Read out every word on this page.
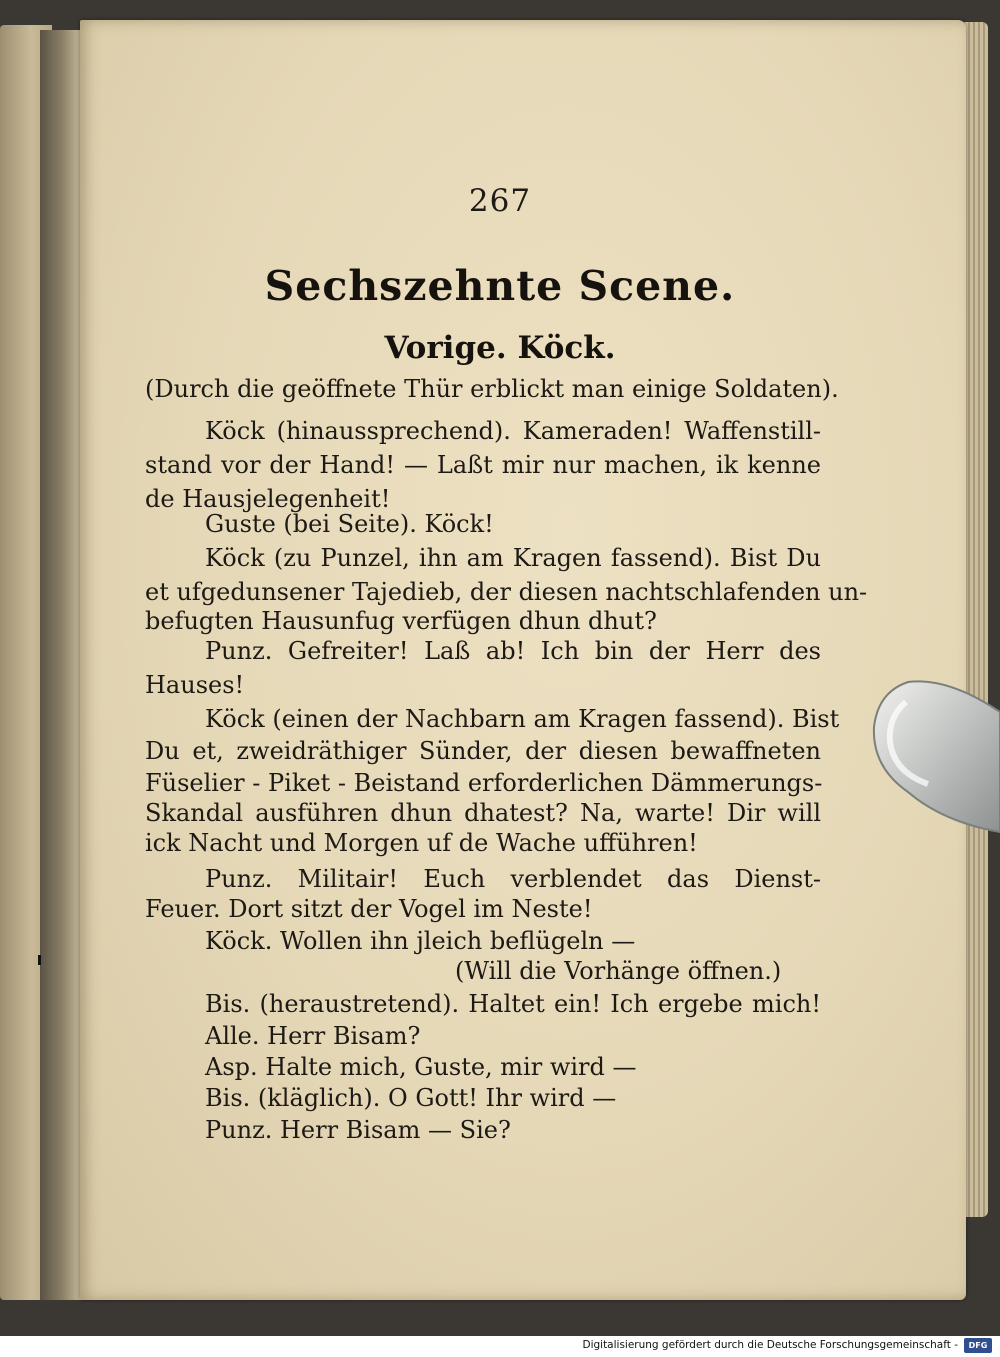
267
Sechszehnte Scene.
Vorige. Köck.
(Durch die geöffnete Thür erblickt man einige Soldaten).
Köck (hinaussprechend). Kameraden! Waffenstill-
stand vor der Hand! — Laßt mir nur machen, ik kenne
de Hausjelegenheit!
Guste (bei Seite). Köck!
Köck (zu Punzel, ihn am Kragen fassend). Bist Du
et ufgedunsener Tajedieb, der diesen nachtschlafenden un-
befugten Hausunfug verfügen dhun dhut?
Punz. Gefreiter! Laß ab! Ich bin der Herr des
Hauses!
Köck (einen der Nachbarn am Kragen fassend). Bist
Du et, zweidräthiger Sünder, der diesen bewaffneten
Füselier - Piket - Beistand erforderlichen Dämmerungs-
Skandal ausführen dhun dhatest? Na, warte! Dir will
ick Nacht und Morgen uf de Wache ufführen!
Punz. Militair! Euch verblendet das Dienst-
Feuer. Dort sitzt der Vogel im Neste!
Köck. Wollen ihn jleich beflügeln —
(Will die Vorhänge öffnen.)
Bis. (heraustretend). Haltet ein! Ich ergebe mich!
Alle. Herr Bisam?
Asp. Halte mich, Guste, mir wird —
Bis. (kläglich). O Gott! Ihr wird —
Punz. Herr Bisam — Sie?
Digitalisierung gefördert durch die Deutsche Forschungsgemeinschaft -	DFG
